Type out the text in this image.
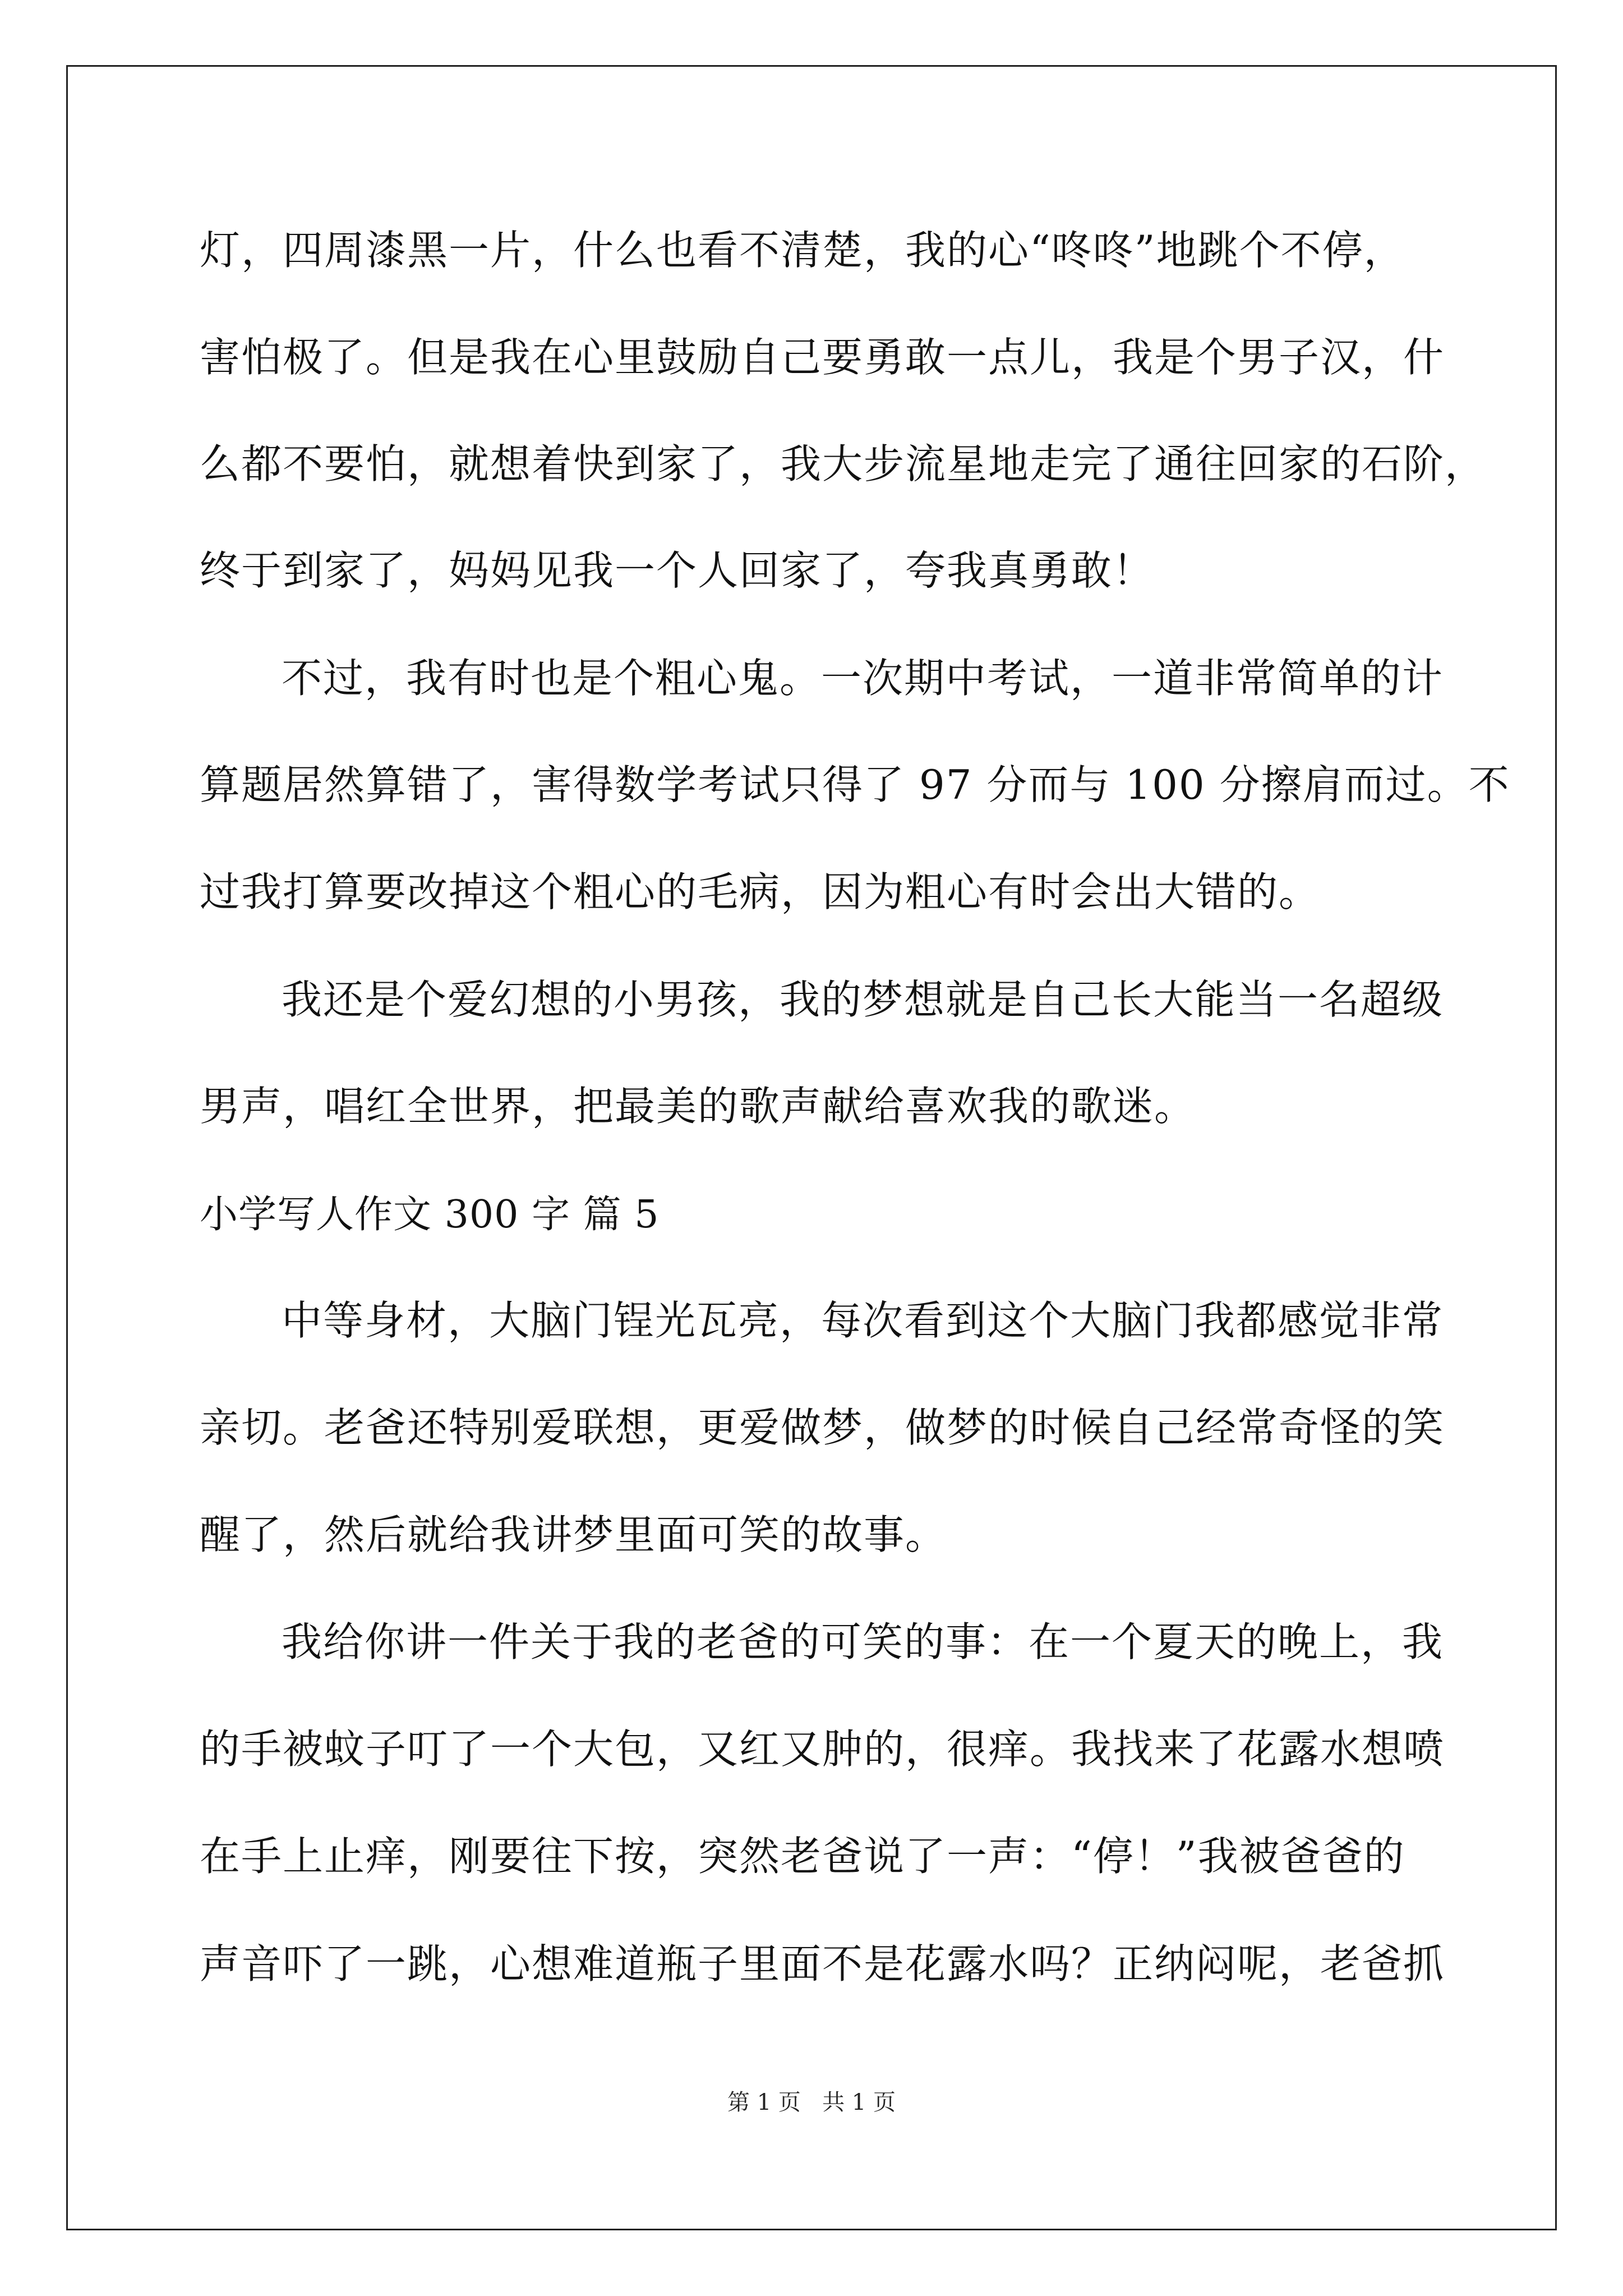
灯，四周漆黑一片，什么也看不清楚，我的心“咚咚”地跳个不停，
害怕极了。但是我在心里鼓励自己要勇敢一点儿，我是个男子汉，什
么都不要怕，就想着快到家了，我大步流星地走完了通往回家的石阶，
终于到家了，妈妈见我一个人回家了，夸我真勇敢！
不过，我有时也是个粗心鬼。一次期中考试，一道非常简单的计
算题居然算错了，害得数学考试只得了 97 分而与 100 分擦肩而过。不
过我打算要改掉这个粗心的毛病，因为粗心有时会出大错的。
我还是个爱幻想的小男孩，我的梦想就是自己长大能当一名超级
男声，唱红全世界，把最美的歌声献给喜欢我的歌迷。
小学写人作文 300 字 篇 5
中等身材，大脑门锃光瓦亮，每次看到这个大脑门我都感觉非常
亲切。老爸还特别爱联想，更爱做梦，做梦的时候自己经常奇怪的笑
醒了，然后就给我讲梦里面可笑的故事。
我给你讲一件关于我的老爸的可笑的事：在一个夏天的晚上，我
的手被蚊子叮了一个大包，又红又肿的，很痒。我找来了花露水想喷
在手上止痒，刚要往下按，突然老爸说了一声：“停！”我被爸爸的
声音吓了一跳，心想难道瓶子里面不是花露水吗？正纳闷呢，老爸抓
第 1 页   共 1 页
